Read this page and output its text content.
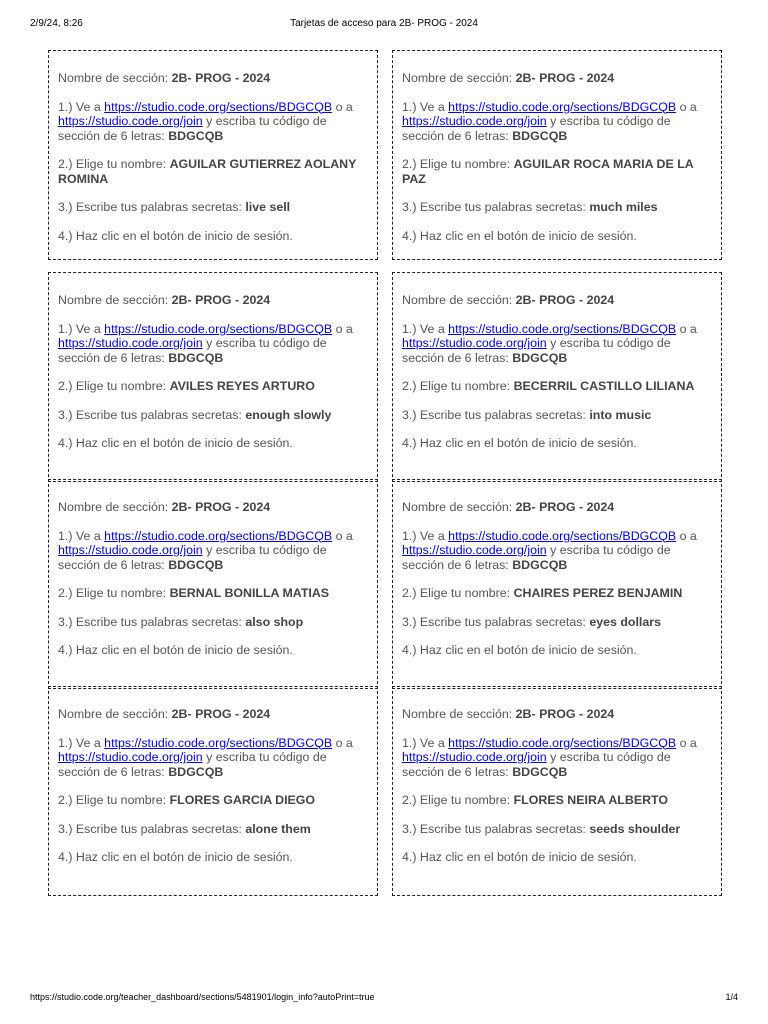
2/9/24, 8:26	Tarjetas de acceso para 2B- PROG - 2024

Nombre de sección: 2B- PROG - 2024

1.) Ve a https://studio.code.org/sections/BDGCQB o a https://studio.code.org/join y escriba tu código de sección de 6 letras: BDGCQB

2.) Elige tu nombre: AGUILAR GUTIERREZ AOLANY ROMINA

3.) Escribe tus palabras secretas: live sell

4.) Haz clic en el botón de inicio de sesión.

Nombre de sección: 2B- PROG - 2024

1.) Ve a https://studio.code.org/sections/BDGCQB o a https://studio.code.org/join y escriba tu código de sección de 6 letras: BDGCQB

2.) Elige tu nombre: AGUILAR ROCA MARIA DE LA PAZ

3.) Escribe tus palabras secretas: much miles

4.) Haz clic en el botón de inicio de sesión.

Nombre de sección: 2B- PROG - 2024

1.) Ve a https://studio.code.org/sections/BDGCQB o a https://studio.code.org/join y escriba tu código de sección de 6 letras: BDGCQB

2.) Elige tu nombre: AVILES REYES ARTURO

3.) Escribe tus palabras secretas: enough slowly

4.) Haz clic en el botón de inicio de sesión.

Nombre de sección: 2B- PROG - 2024

1.) Ve a https://studio.code.org/sections/BDGCQB o a https://studio.code.org/join y escriba tu código de sección de 6 letras: BDGCQB

2.) Elige tu nombre: BECERRIL CASTILLO LILIANA

3.) Escribe tus palabras secretas: into music

4.) Haz clic en el botón de inicio de sesión.

Nombre de sección: 2B- PROG - 2024

1.) Ve a https://studio.code.org/sections/BDGCQB o a https://studio.code.org/join y escriba tu código de sección de 6 letras: BDGCQB

2.) Elige tu nombre: BERNAL BONILLA MATIAS

3.) Escribe tus palabras secretas: also shop

4.) Haz clic en el botón de inicio de sesión.

Nombre de sección: 2B- PROG - 2024

1.) Ve a https://studio.code.org/sections/BDGCQB o a https://studio.code.org/join y escriba tu código de sección de 6 letras: BDGCQB

2.) Elige tu nombre: CHAIRES PEREZ BENJAMIN

3.) Escribe tus palabras secretas: eyes dollars

4.) Haz clic en el botón de inicio de sesión.

Nombre de sección: 2B- PROG - 2024

1.) Ve a https://studio.code.org/sections/BDGCQB o a https://studio.code.org/join y escriba tu código de sección de 6 letras: BDGCQB

2.) Elige tu nombre: FLORES GARCIA DIEGO

3.) Escribe tus palabras secretas: alone them

4.) Haz clic en el botón de inicio de sesión.

Nombre de sección: 2B- PROG - 2024

1.) Ve a https://studio.code.org/sections/BDGCQB o a https://studio.code.org/join y escriba tu código de sección de 6 letras: BDGCQB

2.) Elige tu nombre: FLORES NEIRA ALBERTO

3.) Escribe tus palabras secretas: seeds shoulder

4.) Haz clic en el botón de inicio de sesión.

https://studio.code.org/teacher_dashboard/sections/5481901/login_info?autoPrint=true	1/4
